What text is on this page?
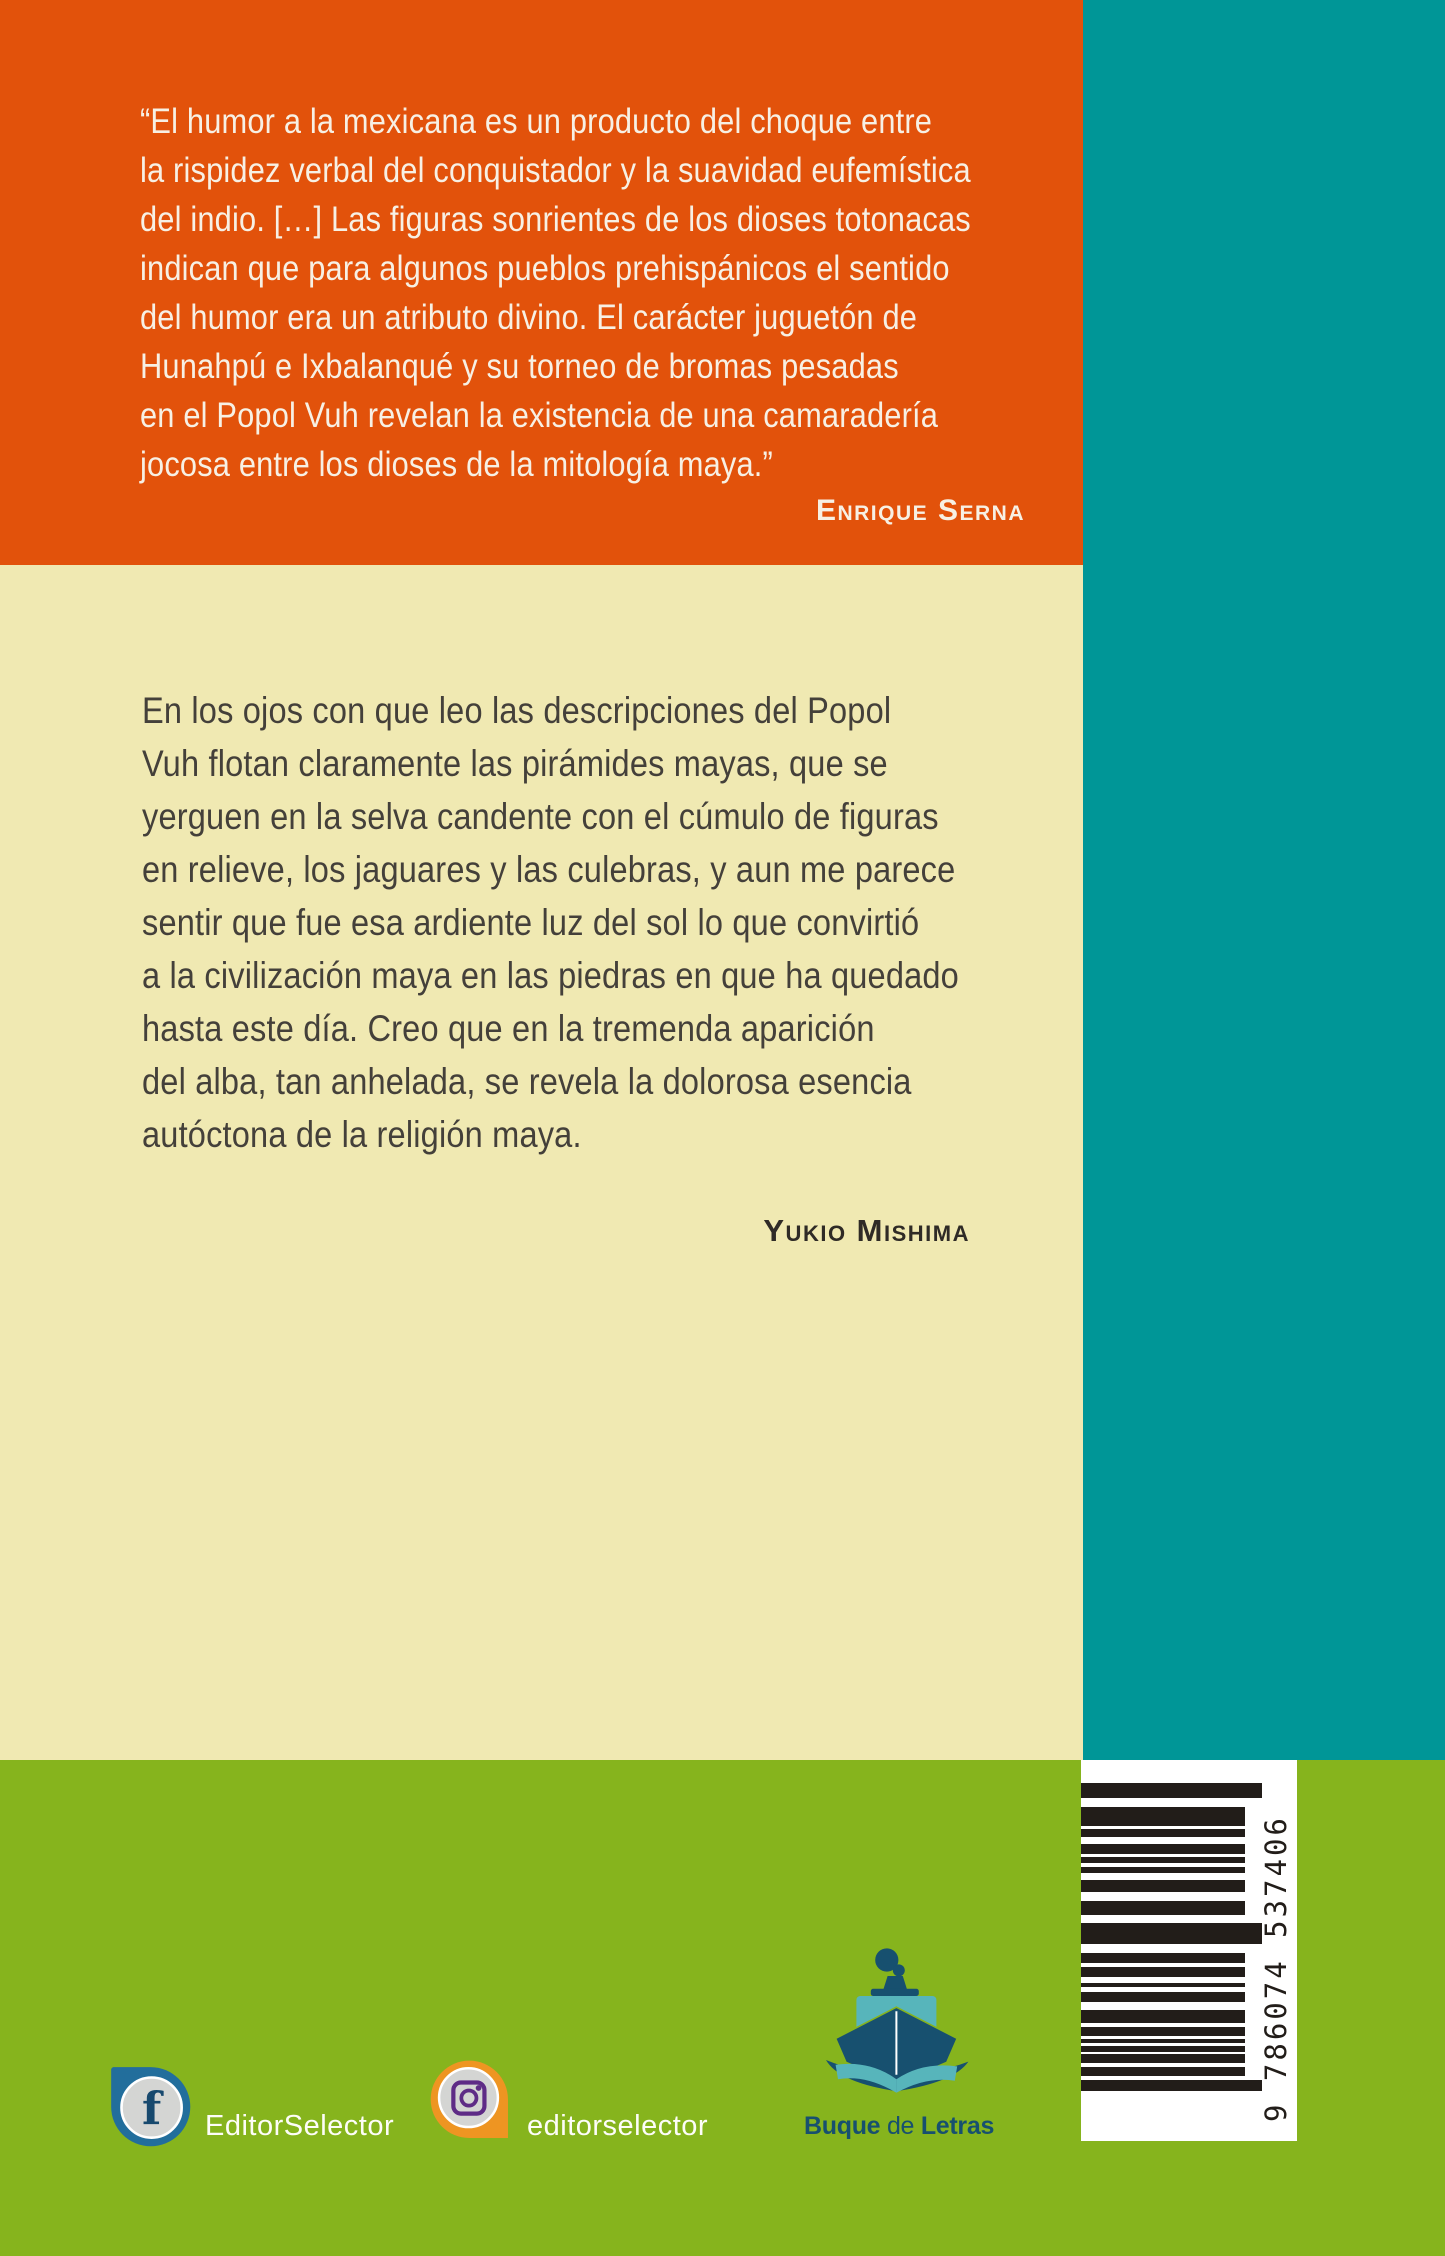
“El humor a la mexicana es un producto del choque entre
la rispidez verbal del conquistador y la suavidad eufemística
del indio. […] Las figuras sonrientes de los dioses totonacas
indican que para algunos pueblos prehispánicos el sentido
del humor era un atributo divino. El carácter juguetón de
Hunahpú e Ixbalanqué y su torneo de bromas pesadas
en el Popol Vuh revelan la existencia de una camaradería
jocosa entre los dioses de la mitología maya.”

Enrique Serna

En los ojos con que leo las descripciones del Popol
Vuh flotan claramente las pirámides mayas, que se
yerguen en la selva candente con el cúmulo de figuras
en relieve, los jaguares y las culebras, y aun me parece
sentir que fue esa ardiente luz del sol lo que convirtió
a la civilización maya en las piedras en que ha quedado
hasta este día. Creo que en la tremenda aparición
del alba, tan anhelada, se revela la dolorosa esencia
autóctona de la religión maya.

Yukio Mishima

f EditorSelector	editorselector	Buque de Letras

9 786074 537406
